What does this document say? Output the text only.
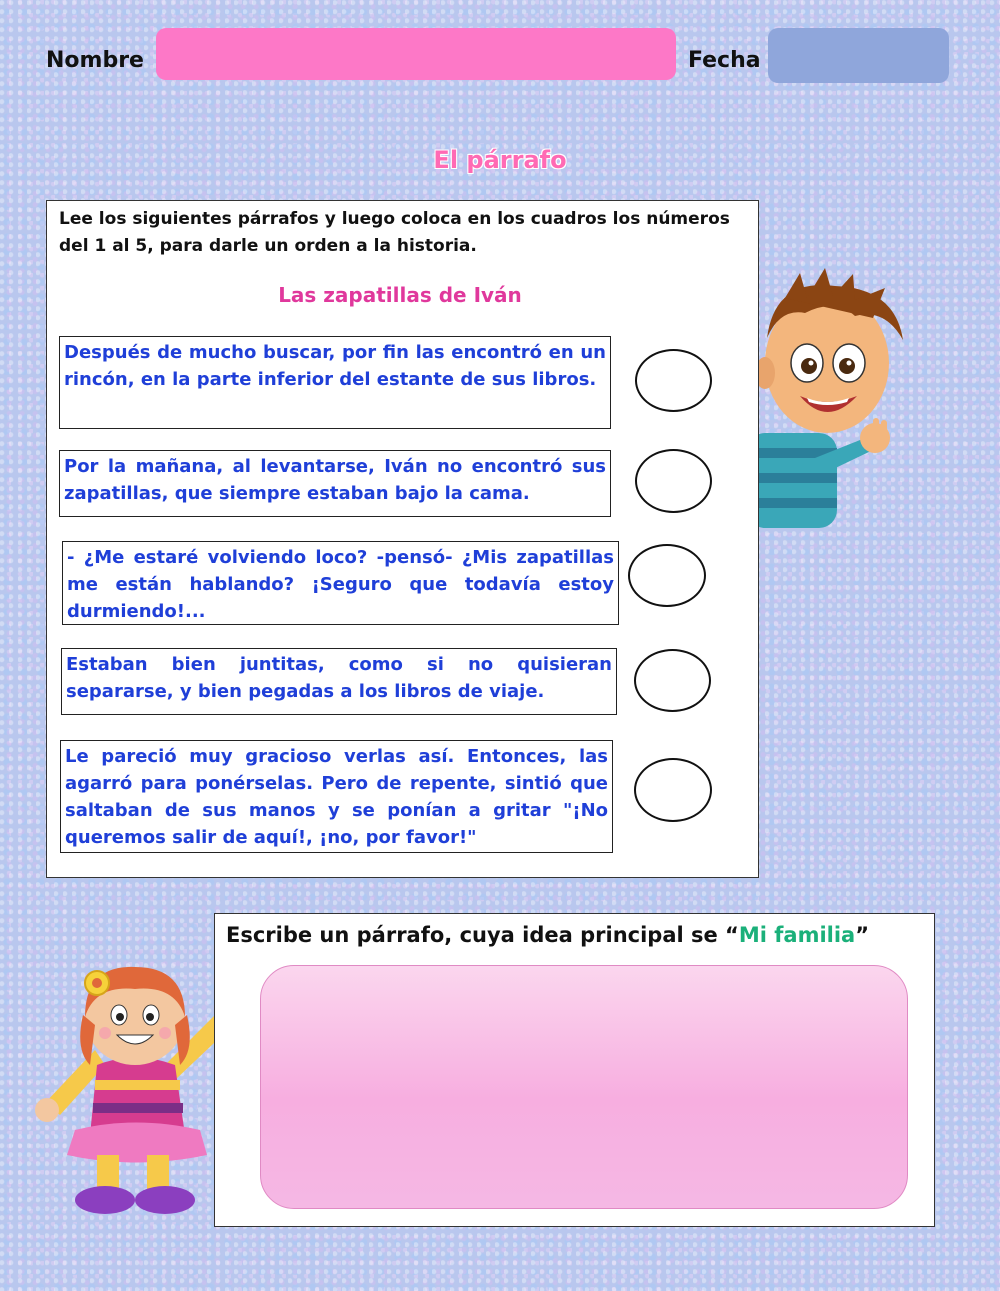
Nombre	Fecha
El párrafo
Lee los siguientes párrafos y luego coloca en los cuadros los números
del 1 al 5, para darle un orden a la historia.
Las zapatillas de Iván
Después de mucho buscar, por fin las encontró en un rincón, en la parte inferior del estante de sus libros.
Por la mañana, al levantarse, Iván no encontró sus zapatillas, que siempre estaban bajo la cama.
- ¿Me estaré volviendo loco? -pensó- ¿Mis zapatillas me están hablando? ¡Seguro que todavía estoy durmiendo!...
Estaban bien juntitas, como si no quisieran separarse, y bien pegadas a los libros de viaje.
Le pareció muy gracioso verlas así. Entonces, las agarró para ponérselas. Pero de repente, sintió que saltaban de sus manos y se ponían a gritar "¡No queremos salir de aquí!, ¡no, por favor!"
Escribe un párrafo, cuya idea principal se “Mi familia”
